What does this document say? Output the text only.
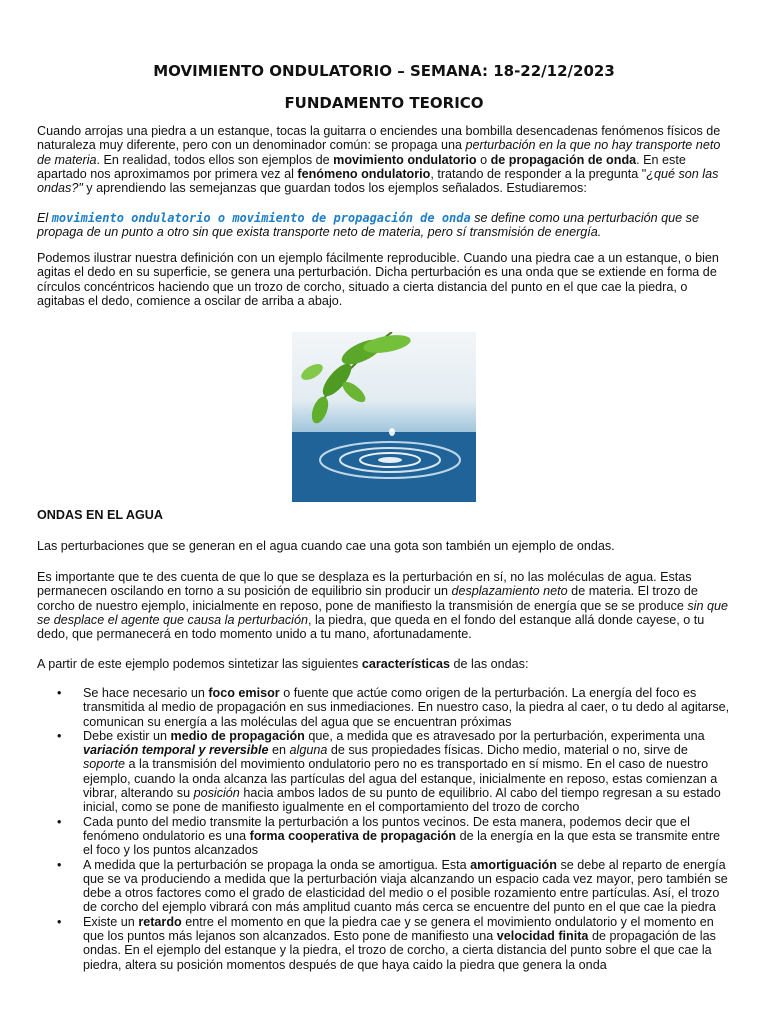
MOVIMIENTO ONDULATORIO – SEMANA: 18-22/12/2023
FUNDAMENTO TEORICO

Cuando arrojas una piedra a un estanque, tocas la guitarra o enciendes una bombilla desencadenas fenómenos físicos de naturaleza muy diferente, pero con un denominador común: se propaga una perturbación en la que no hay transporte neto de materia. En realidad, todos ellos son ejemplos de movimiento ondulatorio o de propagación de onda. En este apartado nos aproximamos por primera vez al fenómeno ondulatorio, tratando de responder a la pregunta "¿qué son las ondas?" y aprendiendo las semejanzas que guardan todos los ejemplos señalados. Estudiaremos:

El movimiento ondulatorio o movimiento de propagación de onda se define como una perturbación que se propaga de un punto a otro sin que exista transporte neto de materia, pero sí transmisión de energía.

Podemos ilustrar nuestra definición con un ejemplo fácilmente reproducible. Cuando una piedra cae a un estanque, o bien agitas el dedo en su superficie, se genera una perturbación. Dicha perturbación es una onda que se extiende en forma de círculos concéntricos haciendo que un trozo de corcho, situado a cierta distancia del punto en el que cae la piedra, o agitabas el dedo, comience a oscilar de arriba a abajo.

ONDAS EN EL AGUA

Las perturbaciones que se generan en el agua cuando cae una gota son también un ejemplo de ondas.

Es importante que te des cuenta de que lo que se desplaza es la perturbación en sí, no las moléculas de agua. Estas permanecen oscilando en torno a su posición de equilibrio sin producir un desplazamiento neto de materia. El trozo de corcho de nuestro ejemplo, inicialmente en reposo, pone de manifiesto la transmisión de energía que se se produce sin que se desplace el agente que causa la perturbación, la piedra, que queda en el fondo del estanque allá donde cayese, o tu dedo, que permanecerá en todo momento unido a tu mano, afortunadamente.

A partir de este ejemplo podemos sintetizar las siguientes características de las ondas:

• Se hace necesario un foco emisor o fuente que actúe como origen de la perturbación. La energía del foco es transmitida al medio de propagación en sus inmediaciones. En nuestro caso, la piedra al caer, o tu dedo al agitarse, comunican su energía a las moléculas del agua que se encuentran próximas
• Debe existir un medio de propagación que, a medida que es atravesado por la perturbación, experimenta una variación temporal y reversible en alguna de sus propiedades físicas. Dicho medio, material o no, sirve de soporte a la transmisión del movimiento ondulatorio pero no es transportado en sí mismo. En el caso de nuestro ejemplo, cuando la onda alcanza las partículas del agua del estanque, inicialmente en reposo, estas comienzan a vibrar, alterando su posición hacia ambos lados de su punto de equilibrio. Al cabo del tiempo regresan a su estado inicial, como se pone de manifiesto igualmente en el comportamiento del trozo de corcho
• Cada punto del medio transmite la perturbación a los puntos vecinos. De esta manera, podemos decir que el fenómeno ondulatorio es una forma cooperativa de propagación de la energía en la que esta se transmite entre el foco y los puntos alcanzados
• A medida que la perturbación se propaga la onda se amortigua. Esta amortiguación se debe al reparto de energía que se va produciendo a medida que la perturbación viaja alcanzando un espacio cada vez mayor, pero también se debe a otros factores como el grado de elasticidad del medio o el posible rozamiento entre partículas. Así, el trozo de corcho del ejemplo vibrará con más amplitud cuanto más cerca se encuentre del punto en el que cae la piedra
• Existe un retardo entre el momento en que la piedra cae y se genera el movimiento ondulatorio y el momento en que los puntos más lejanos son alcanzados. Esto pone de manifiesto una velocidad finita de propagación de las ondas. En el ejemplo del estanque y la piedra, el trozo de corcho, a cierta distancia del punto sobre el que cae la piedra, altera su posición momentos después de que haya caido la piedra que genera la onda
